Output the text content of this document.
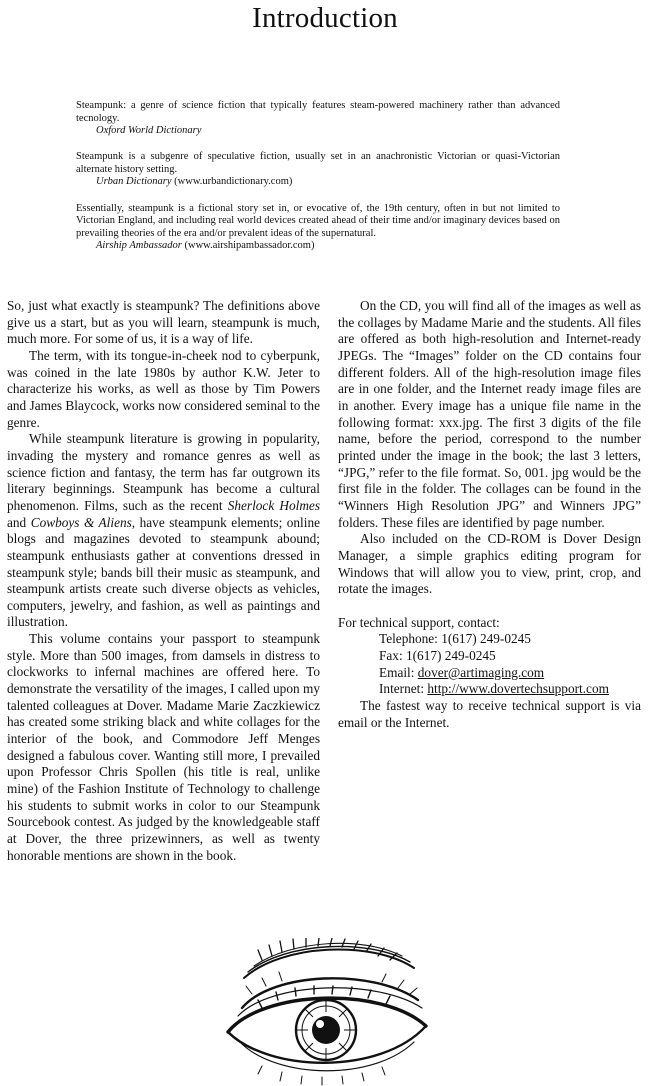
Introduction
Steampunk: a genre of science fiction that typically features steam-powered machinery rather than advanced tecnology.
Oxford World Dictionary
Steampunk is a subgenre of speculative fiction, usually set in an anachronistic Victorian or quasi-Victorian alternate history setting.
Urban Dictionary (www.urbandictionary.com)
Essentially, steampunk is a fictional story set in, or evocative of, the 19th century, often in but not limited to Victorian England, and including real world devices created ahead of their time and/or imaginary devices based on prevailing theories of the era and/or prevalent ideas of the supernatural.
Airship Ambassador (www.airshipambassador.com)

So, just what exactly is steampunk? The definitions above give us a start, but as you will learn, steampunk is much, much more. For some of us, it is a way of life.

The term, with its tongue-in-cheek nod to cyberpunk, was coined in the late 1980s by author K.W. Jeter to characterize his works, as well as those by Tim Powers and James Blaycock, works now considered seminal to the genre.

While steampunk literature is growing in popularity, invading the mystery and romance genres as well as science fiction and fantasy, the term has far outgrown its literary beginnings. Steampunk has become a cultural phenomenon. Films, such as the recent Sherlock Holmes and Cowboys & Aliens, have steampunk elements; online blogs and magazines devoted to steampunk abound; steampunk enthusiasts gather at conventions dressed in steampunk style; bands bill their music as steampunk, and steampunk artists create such diverse objects as vehicles, computers, jewelry, and fashion, as well as paintings and illustration.

This volume contains your passport to steampunk style. More than 500 images, from damsels in distress to clockworks to infernal machines are offered here. To demonstrate the versatility of the images, I called upon my talented colleagues at Dover. Madame Marie Zaczkiewicz has created some striking black and white collages for the interior of the book, and Commodore Jeff Menges designed a fabulous cover. Wanting still more, I prevailed upon Professor Chris Spollen (his title is real, unlike mine) of the Fashion Institute of Technology to challenge his students to submit works in color to our Steampunk Sourcebook contest. As judged by the knowledgeable staff at Dover, the three prizewinners, as well as twenty honorable mentions are shown in the book.

On the CD, you will find all of the images as well as the collages by Madame Marie and the students. All files are offered as both high-resolution and Internet-ready JPEGs. The “Images” folder on the CD contains four different folders. All of the high-resolution image files are in one folder, and the Internet ready image files are in another. Every image has a unique file name in the following format: xxx.jpg. The first 3 digits of the file name, before the period, correspond to the number printed under the image in the book; the last 3 letters, “JPG,” refer to the file format. So, 001. jpg would be the first file in the folder. The collages can be found in the “Winners High Resolution JPG” and Winners JPG” folders. These files are identified by page number.

Also included on the CD-ROM is Dover Design Manager, a simple graphics editing program for Windows that will allow you to view, print, crop, and rotate the images.

For technical support, contact:

Telephone: 1(617) 249-0245

Fax: 1(617) 249-0245

Email: dover@artimaging.com

Internet: http://www.dovertechsupport.com

The fastest way to receive technical support is via email or the Internet.
